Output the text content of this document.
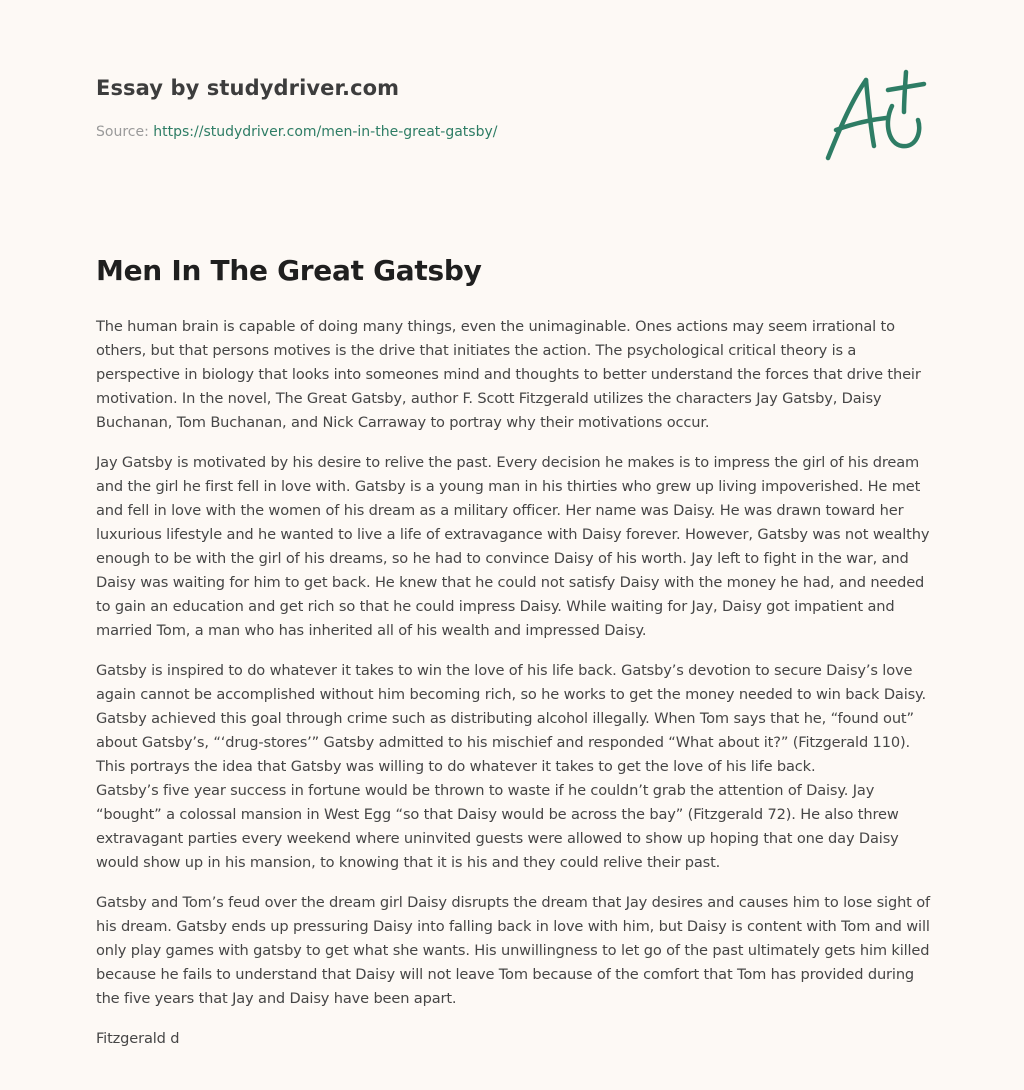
Essay by studydriver.com
Source: https://studydriver.com/men-in-the-great-gatsby/
Men In The Great Gatsby

The human brain is capable of doing many things, even the unimaginable. Ones actions may seem irrational to others, but that persons motives is the drive that initiates the action. The psychological critical theory is a perspective in biology that looks into someones mind and thoughts to better understand the forces that drive their motivation. In the novel, The Great Gatsby, author F. Scott Fitzgerald utilizes the characters Jay Gatsby, Daisy Buchanan, Tom Buchanan, and Nick Carraway to portray why their motivations occur.

Jay Gatsby is motivated by his desire to relive the past. Every decision he makes is to impress the girl of his dream and the girl he first fell in love with. Gatsby is a young man in his thirties who grew up living impoverished. He met and fell in love with the women of his dream as a military officer. Her name was Daisy. He was drawn toward her luxurious lifestyle and he wanted to live a life of extravagance with Daisy forever. However, Gatsby was not wealthy enough to be with the girl of his dreams, so he had to convince Daisy of his worth. Jay left to fight in the war, and Daisy was waiting for him to get back. He knew that he could not satisfy Daisy with the money he had, and needed to gain an education and get rich so that he could impress Daisy. While waiting for Jay, Daisy got impatient and married Tom, a man who has inherited all of his wealth and impressed Daisy.

Gatsby is inspired to do whatever it takes to win the love of his life back. Gatsby’s devotion to secure Daisy’s love again cannot be accomplished without him becoming rich, so he works to get the money needed to win back Daisy. Gatsby achieved this goal through crime such as distributing alcohol illegally. When Tom says that he, “found out” about Gatsby’s, “‘drug-stores’” Gatsby admitted to his mischief and responded “What about it?” (Fitzgerald 110). This portrays the idea that Gatsby was willing to do whatever it takes to get the love of his life back.

Gatsby’s five year success in fortune would be thrown to waste if he couldn’t grab the attention of Daisy. Jay “bought” a colossal mansion in West Egg “so that Daisy would be across the bay” (Fitzgerald 72). He also threw extravagant parties every weekend where uninvited guests were allowed to show up hoping that one day Daisy would show up in his mansion, to knowing that it is his and they could relive their past.

Gatsby and Tom’s feud over the dream girl Daisy disrupts the dream that Jay desires and causes him to lose sight of his dream. Gatsby ends up pressuring Daisy into falling back in love with him, but Daisy is content with Tom and will only play games with gatsby to get what she wants. His unwillingness to let go of the past ultimately gets him killed because he fails to understand that Daisy will not leave Tom because of the comfort that Tom has provided during the five years that Jay and Daisy have been apart.

Fitzgerald d
